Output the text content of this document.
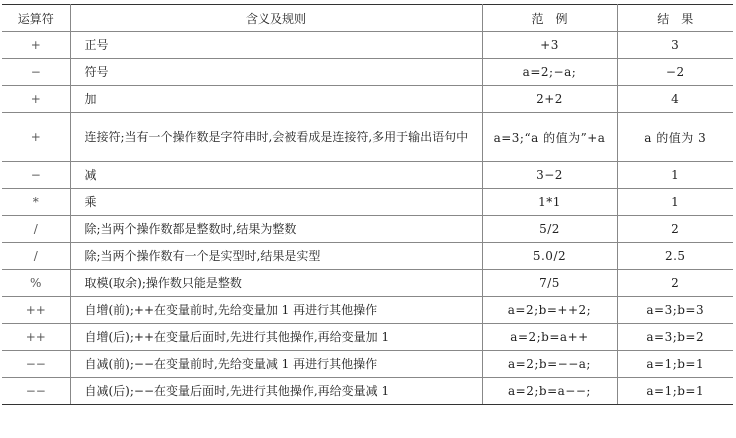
运算符	含义及规则	范　例	结　果
+	正号	+3	3
−	符号	a=2;−a;	−2
+	加	2+2	4
+	连接符;当有一个操作数是字符串时,会被看成是连接符,多用于输出语句中	a=3;“a 的值为”+a	a 的值为 3
−	减	3−2	1
*	乘	1*1	1
/	除;当两个操作数都是整数时,结果为整数	5/2	2
/	除;当两个操作数有一个是实型时,结果是实型	5.0/2	2.5
%	取模(取余);操作数只能是整数	7/5	2
++	自增(前);++在变量前时,先给变量加 1 再进行其他操作	a=2;b=++2;	a=3;b=3
++	自增(后);++在变量后面时,先进行其他操作,再给变量加 1	a=2;b=a++	a=3;b=2
−−	自减(前);−−在变量前时,先给变量减 1 再进行其他操作	a=2;b=−−a;	a=1;b=1
−−	自减(后);−−在变量后面时,先进行其他操作,再给变量减 1	a=2;b=a−−;	a=1;b=1
